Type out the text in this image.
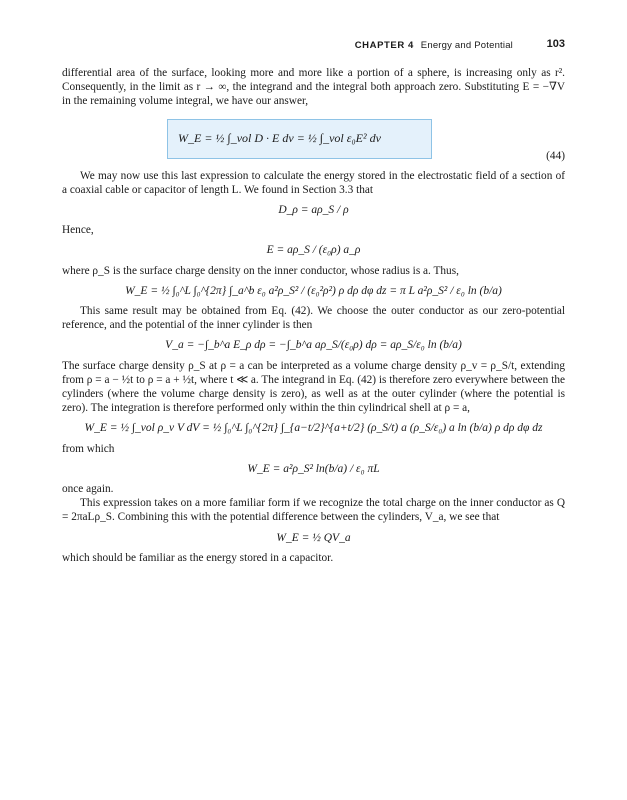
CHAPTER 4 Energy and Potential	103

differential area of the surface, looking more and more like a portion of a sphere, is increasing only as r². Consequently, in the limit as r → ∞, the integrand and the integral both approach zero. Substituting E = −∇V in the remaining volume integral, we have our answer,

W_E = ½ ∫_vol D · E dv = ½ ∫_vol ε₀E² dv
(44)

We may now use this last expression to calculate the energy stored in the electrostatic field of a section of a coaxial cable or capacitor of length L. We found in Section 3.3 that

D_ρ = aρ_S / ρ

Hence,

E = aρ_S / (ε₀ρ) a_ρ

where ρ_S is the surface charge density on the inner conductor, whose radius is a. Thus,

W_E = ½ ∫₀^L ∫₀^{2π} ∫_a^b ε₀ a²ρ_S² / (ε₀²ρ²) ρ dρ dφ dz = π L a²ρ_S² / ε₀ ln (b/a)

This same result may be obtained from Eq. (42). We choose the outer conductor as our zero-potential reference, and the potential of the inner cylinder is then

V_a = −∫_b^a E_ρ dρ = −∫_b^a aρ_S/(ε₀ρ) dρ = aρ_S/ε₀ ln (b/a)

The surface charge density ρ_S at ρ = a can be interpreted as a volume charge density ρ_v = ρ_S/t, extending from ρ = a − ½t to ρ = a + ½t, where t ≪ a. The integrand in Eq. (42) is therefore zero everywhere between the cylinders (where the volume charge density is zero), as well as at the outer cylinder (where the potential is zero). The integration is therefore performed only within the thin cylindrical shell at ρ = a,

W_E = ½ ∫_vol ρ_v V dV = ½ ∫₀^L ∫₀^{2π} ∫_{a−t/2}^{a+t/2} (ρ_S/t) a (ρ_S/ε₀) a ln (b/a) ρ dρ dφ dz

from which

W_E = a²ρ_S² ln(b/a) / ε₀ πL

once again.

This expression takes on a more familiar form if we recognize the total charge on the inner conductor as Q = 2πaLρ_S. Combining this with the potential difference between the cylinders, V_a, we see that

W_E = ½ QV_a

which should be familiar as the energy stored in a capacitor.
